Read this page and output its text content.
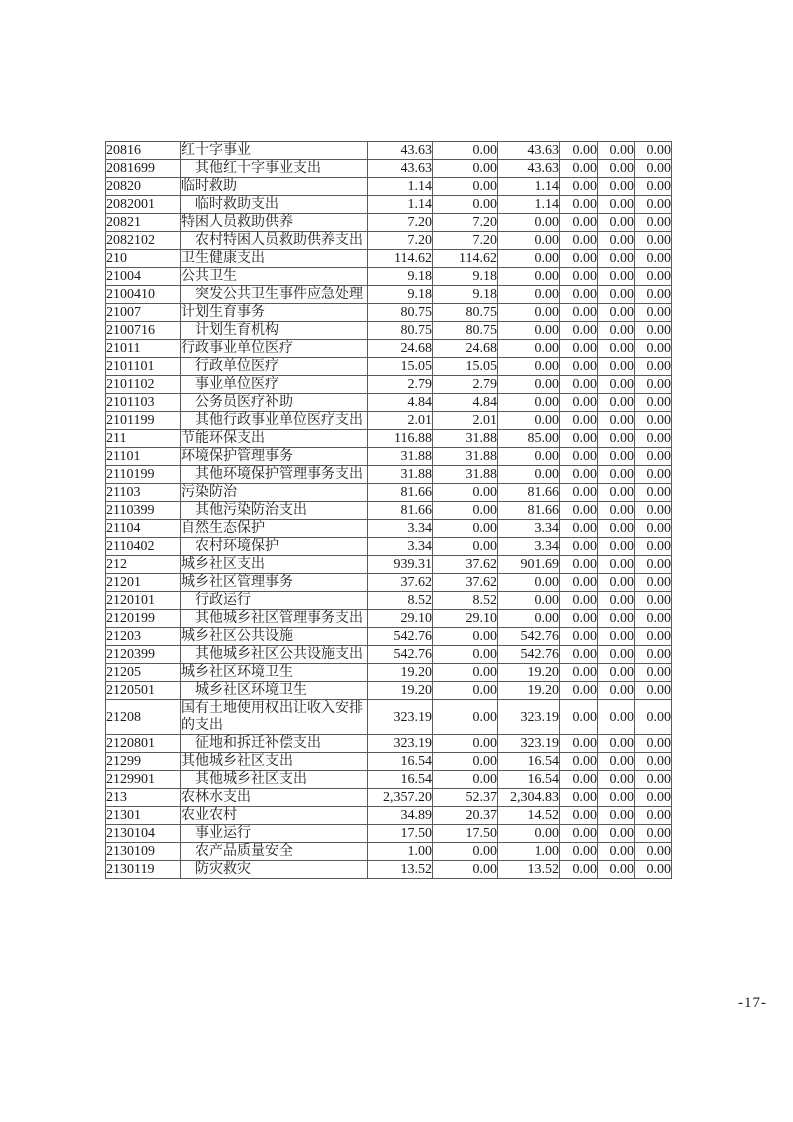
20816	红十字事业	43.63	0.00	43.63	0.00	0.00	0.00
2081699	其他红十字事业支出	43.63	0.00	43.63	0.00	0.00	0.00
20820	临时救助	1.14	0.00	1.14	0.00	0.00	0.00
2082001	临时救助支出	1.14	0.00	1.14	0.00	0.00	0.00
20821	特困人员救助供养	7.20	7.20	0.00	0.00	0.00	0.00
2082102	农村特困人员救助供养支出	7.20	7.20	0.00	0.00	0.00	0.00
210	卫生健康支出	114.62	114.62	0.00	0.00	0.00	0.00
21004	公共卫生	9.18	9.18	0.00	0.00	0.00	0.00
2100410	突发公共卫生事件应急处理	9.18	9.18	0.00	0.00	0.00	0.00
21007	计划生育事务	80.75	80.75	0.00	0.00	0.00	0.00
2100716	计划生育机构	80.75	80.75	0.00	0.00	0.00	0.00
21011	行政事业单位医疗	24.68	24.68	0.00	0.00	0.00	0.00
2101101	行政单位医疗	15.05	15.05	0.00	0.00	0.00	0.00
2101102	事业单位医疗	2.79	2.79	0.00	0.00	0.00	0.00
2101103	公务员医疗补助	4.84	4.84	0.00	0.00	0.00	0.00
2101199	其他行政事业单位医疗支出	2.01	2.01	0.00	0.00	0.00	0.00
211	节能环保支出	116.88	31.88	85.00	0.00	0.00	0.00
21101	环境保护管理事务	31.88	31.88	0.00	0.00	0.00	0.00
2110199	其他环境保护管理事务支出	31.88	31.88	0.00	0.00	0.00	0.00
21103	污染防治	81.66	0.00	81.66	0.00	0.00	0.00
2110399	其他污染防治支出	81.66	0.00	81.66	0.00	0.00	0.00
21104	自然生态保护	3.34	0.00	3.34	0.00	0.00	0.00
2110402	农村环境保护	3.34	0.00	3.34	0.00	0.00	0.00
212	城乡社区支出	939.31	37.62	901.69	0.00	0.00	0.00
21201	城乡社区管理事务	37.62	37.62	0.00	0.00	0.00	0.00
2120101	行政运行	8.52	8.52	0.00	0.00	0.00	0.00
2120199	其他城乡社区管理事务支出	29.10	29.10	0.00	0.00	0.00	0.00
21203	城乡社区公共设施	542.76	0.00	542.76	0.00	0.00	0.00
2120399	其他城乡社区公共设施支出	542.76	0.00	542.76	0.00	0.00	0.00
21205	城乡社区环境卫生	19.20	0.00	19.20	0.00	0.00	0.00
2120501	城乡社区环境卫生	19.20	0.00	19.20	0.00	0.00	0.00
21208	国有土地使用权出让收入安排的支出	323.19	0.00	323.19	0.00	0.00	0.00
2120801	征地和拆迁补偿支出	323.19	0.00	323.19	0.00	0.00	0.00
21299	其他城乡社区支出	16.54	0.00	16.54	0.00	0.00	0.00
2129901	其他城乡社区支出	16.54	0.00	16.54	0.00	0.00	0.00
213	农林水支出	2,357.20	52.37	2,304.83	0.00	0.00	0.00
21301	农业农村	34.89	20.37	14.52	0.00	0.00	0.00
2130104	事业运行	17.50	17.50	0.00	0.00	0.00	0.00
2130109	农产品质量安全	1.00	0.00	1.00	0.00	0.00	0.00
2130119	防灾救灾	13.52	0.00	13.52	0.00	0.00	0.00
-17-
